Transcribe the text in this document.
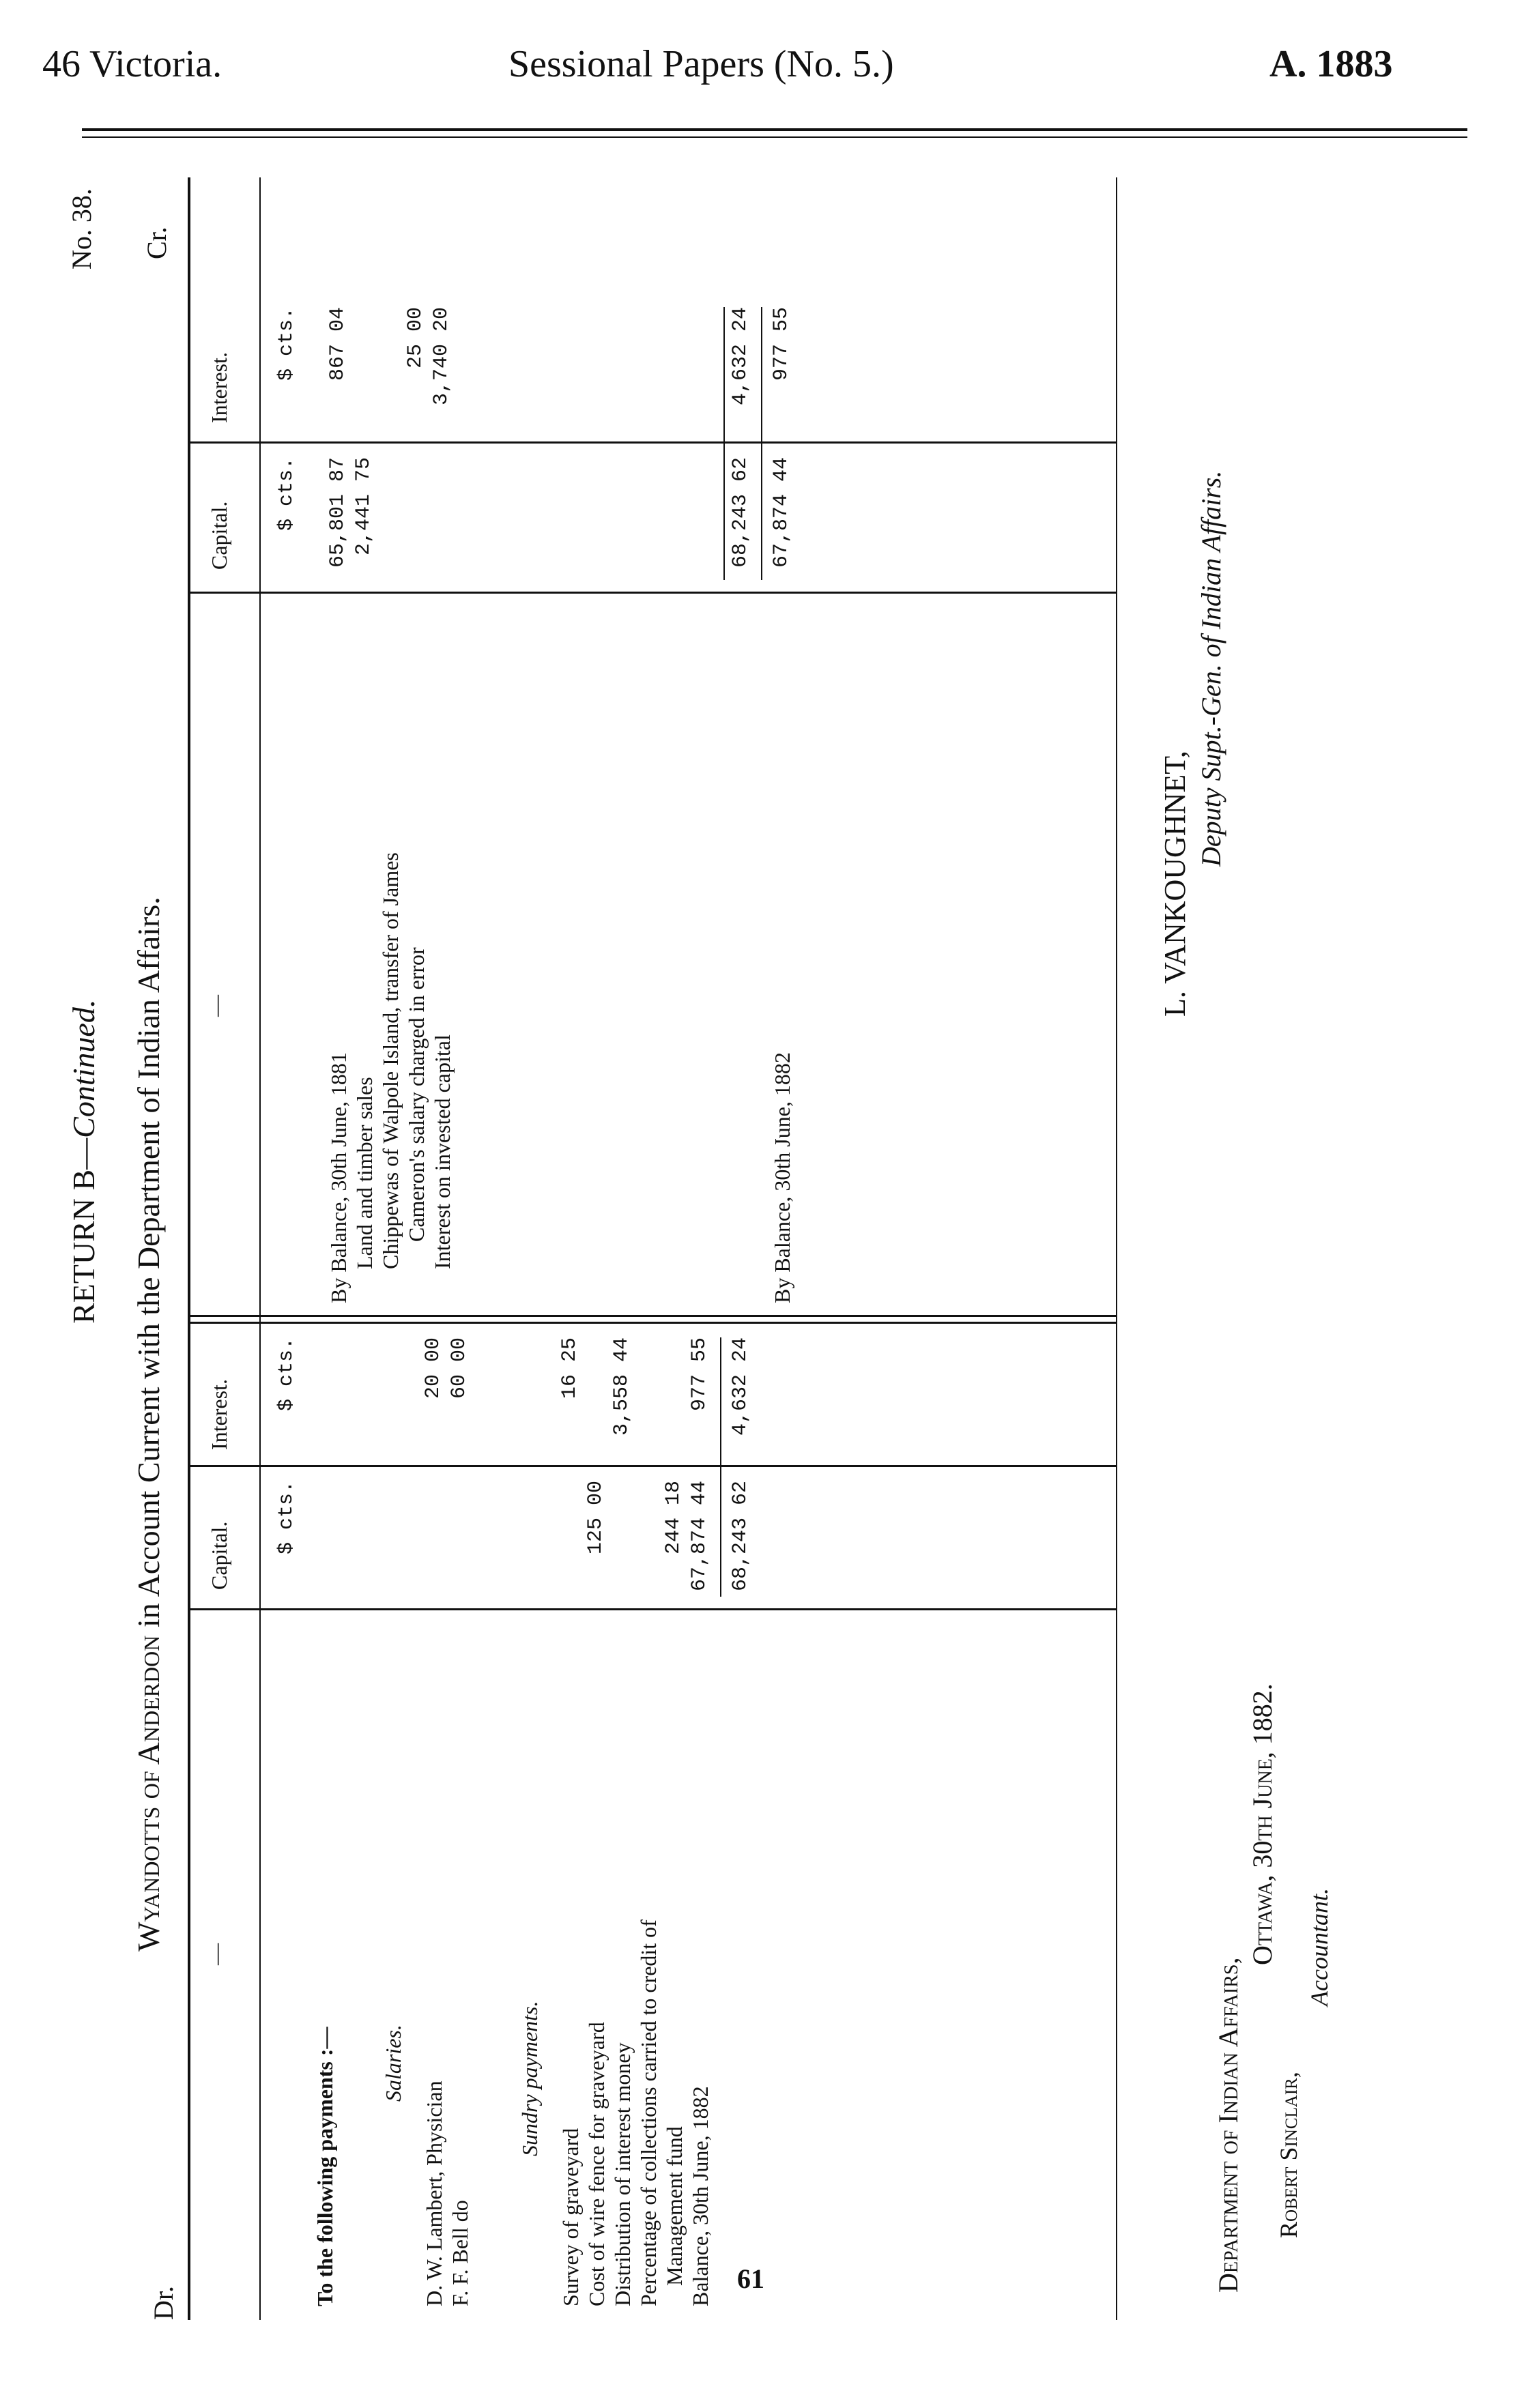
46 Victoria.	Sessional Papers (No. 5.)	A. 1883
RETURN B—Continued.
No. 38.
Wyandotts of Anderdon in Account Current with the Department of Indian Affairs.
Dr.
Cr.
—
Capital.
Interest.
—
Capital.
Interest.
$ cts.
$ cts.
$ cts.
$ cts.
To the following payments :— Salaries.
D. W. Lambert, Physician
20 00
F. F. Bell do
60 00
Sundry payments.
Survey of graveyard
16 25
Cost of wire fence for graveyard
125 00
Distribution of interest money
3,558 44
Percentage of collections carried to credit of Management fund
244 18
Balance, 30th June, 1882
67,874 44
977 55
68,243 62
4,632 24
By Balance, 30th June, 1881
65,801 87
867 04
Land and timber sales
2,441 75
Chippewas of Walpole Island, transfer of James Cameron's salary charged in error
25 00
Interest on invested capital
3,740 20
68,243 62
4,632 24
By Balance, 30th June, 1882
67,874 44
977 55
L. VANKOUGHNET,
Deputy Supt.-Gen. of Indian Affairs.
Department of Indian Affairs,
Ottawa, 30th June, 1882.
Robert Sinclair,
Accountant.
61
